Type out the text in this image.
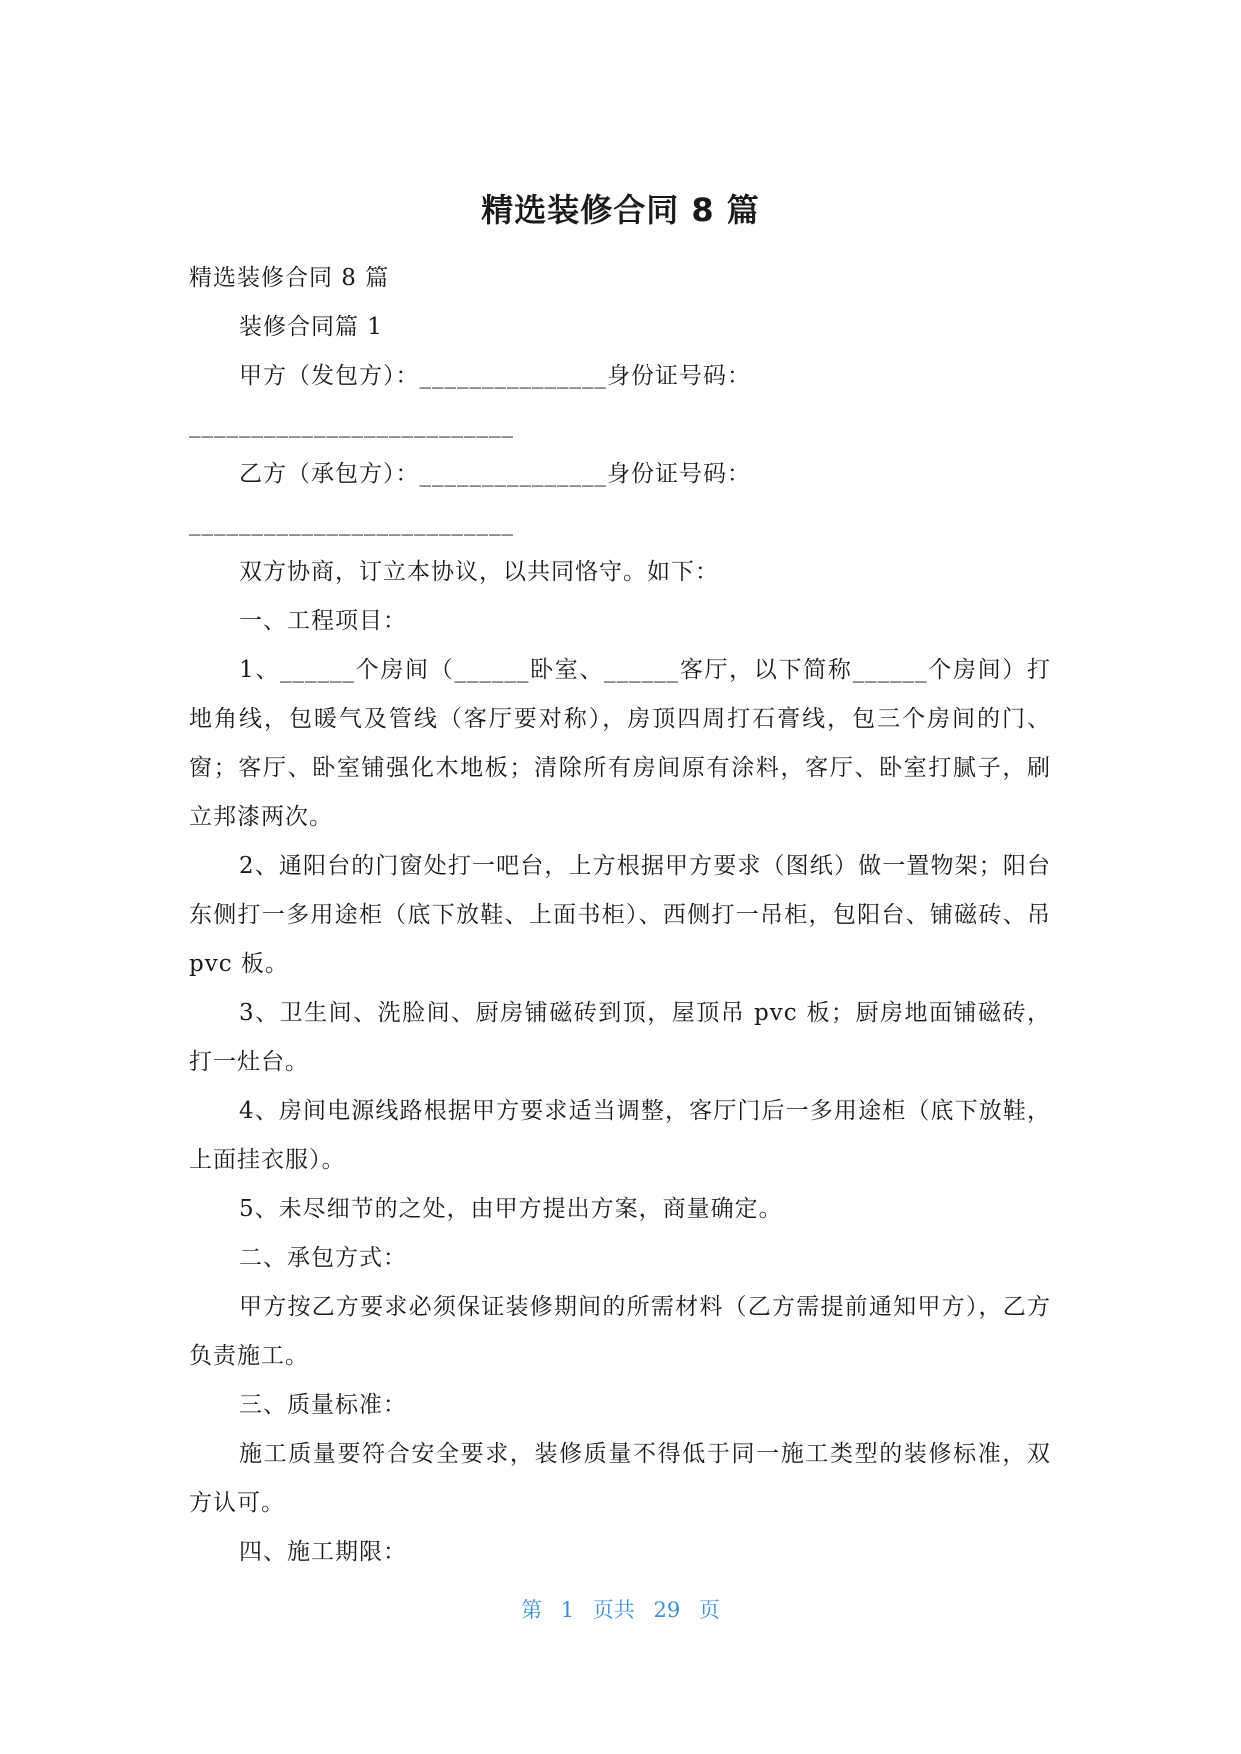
精选装修合同 8 篇

精选装修合同 8 篇

装修合同篇 1

甲方（发包方）：_______________身份证号码：

__________________________

乙方（承包方）：_______________身份证号码：

__________________________

双方协商，订立本协议，以共同恪守。如下：

一、工程项目：

1、______个房间（______卧室、______客厅，以下简称______个房间）打地角线，包暖气及管线（客厅要对称），房顶四周打石膏线，包三个房间的门、窗；客厅、卧室铺强化木地板；清除所有房间原有涂料，客厅、卧室打腻子，刷立邦漆两次。

2、通阳台的门窗处打一吧台，上方根据甲方要求（图纸）做一置物架；阳台东侧打一多用途柜（底下放鞋、上面书柜）、西侧打一吊柜，包阳台、铺磁砖、吊 pvc 板。

3、卫生间、洗脸间、厨房铺磁砖到顶，屋顶吊 pvc 板；厨房地面铺磁砖，打一灶台。

4、房间电源线路根据甲方要求适当调整，客厅门后一多用途柜（底下放鞋，上面挂衣服）。

5、未尽细节的之处，由甲方提出方案，商量确定。

二、承包方式：

甲方按乙方要求必须保证装修期间的所需材料（乙方需提前通知甲方），乙方负责施工。

三、质量标准：

施工质量要符合安全要求，装修质量不得低于同一施工类型的装修标准，双方认可。

四、施工期限：

第 1 页共 29 页
